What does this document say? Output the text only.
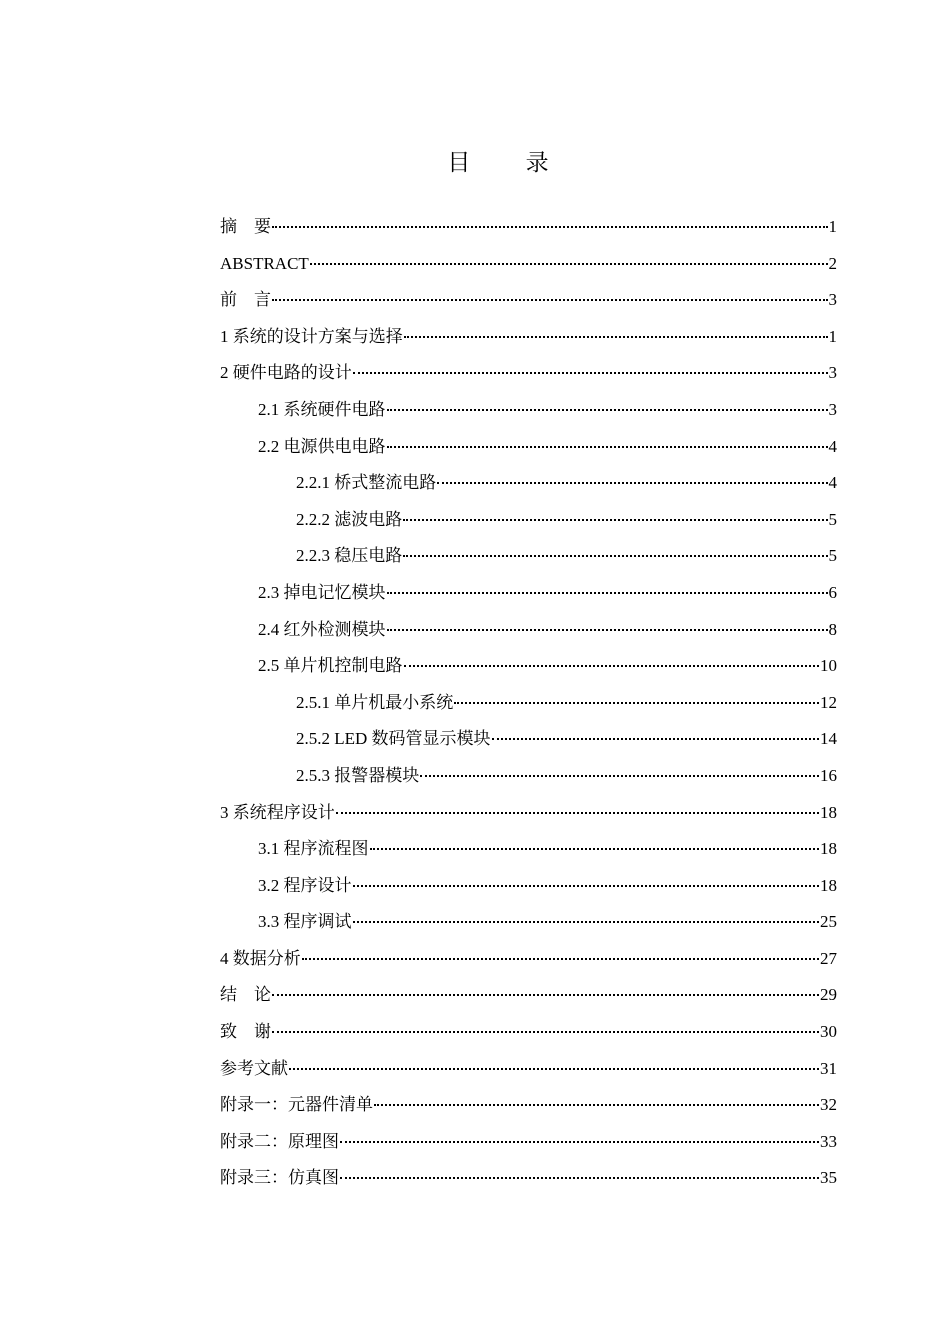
目 录
摘　要	1
ABSTRACT	2
前　言	3
1 系统的设计方案与选择	1
2 硬件电路的设计	3
2.1 系统硬件电路	3
2.2 电源供电电路	4
2.2.1 桥式整流电路	4
2.2.2 滤波电路	5
2.2.3 稳压电路	5
2.3 掉电记忆模块	6
2.4 红外检测模块	8
2.5 单片机控制电路	10
2.5.1 单片机最小系统	12
2.5.2 LED 数码管显示模块	14
2.5.3 报警器模块	16
3 系统程序设计	18
3.1 程序流程图	18
3.2 程序设计	18
3.3 程序调试	25
4 数据分析	27
结　论	29
致　谢	30
参考文献	31
附录一：元器件清单	32
附录二：原理图	33
附录三：仿真图	35
